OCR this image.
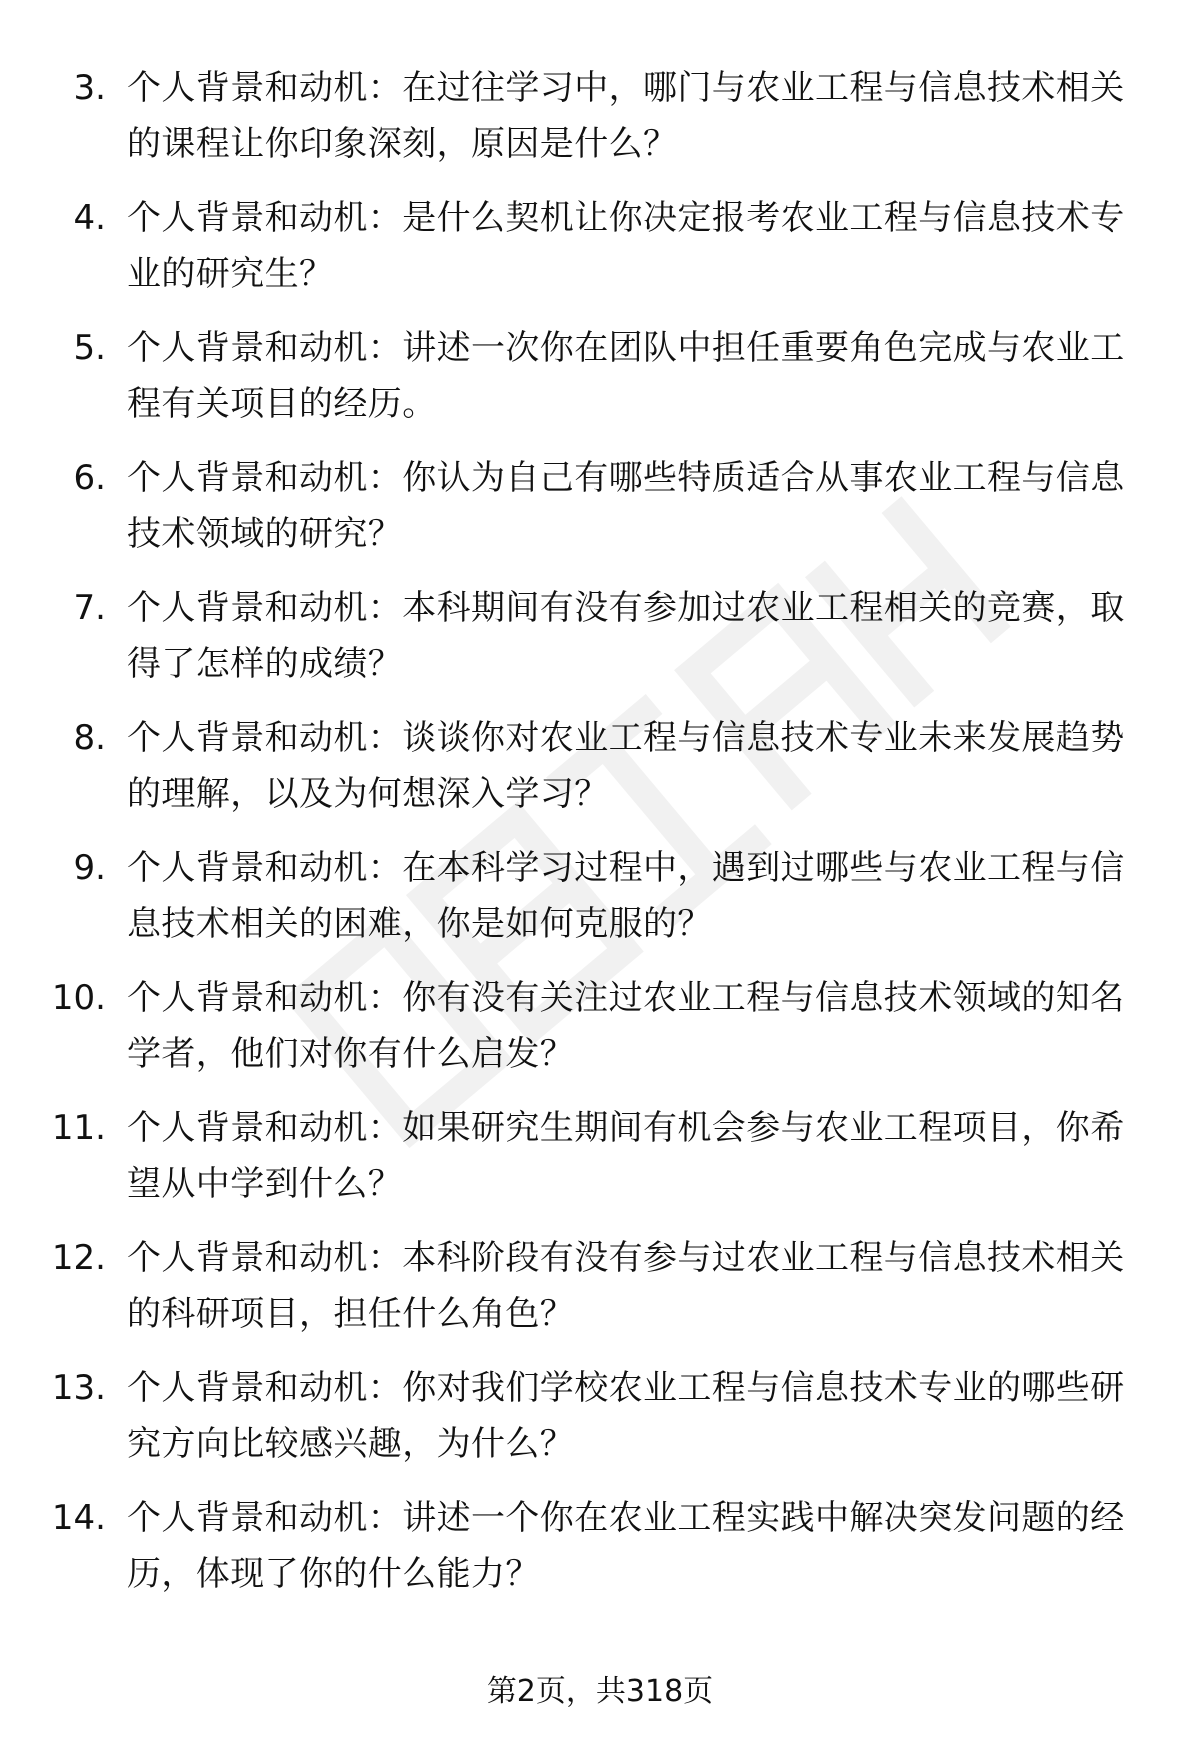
3. 个人背景和动机：在过往学习中，哪门与农业工程与信息技术相关的课程让你印象深刻，原因是什么？
4. 个人背景和动机：是什么契机让你决定报考农业工程与信息技术专业的研究生？
5. 个人背景和动机：讲述一次你在团队中担任重要角色完成与农业工程有关项目的经历。
6. 个人背景和动机：你认为自己有哪些特质适合从事农业工程与信息技术领域的研究？
7. 个人背景和动机：本科期间有没有参加过农业工程相关的竞赛，取得了怎样的成绩？
8. 个人背景和动机：谈谈你对农业工程与信息技术专业未来发展趋势的理解，以及为何想深入学习？
9. 个人背景和动机：在本科学习过程中，遇到过哪些与农业工程与信息技术相关的困难，你是如何克服的？
10. 个人背景和动机：你有没有关注过农业工程与信息技术领域的知名学者，他们对你有什么启发？
11. 个人背景和动机：如果研究生期间有机会参与农业工程项目，你希望从中学到什么？
12. 个人背景和动机：本科阶段有没有参与过农业工程与信息技术相关的科研项目，担任什么角色？
13. 个人背景和动机：你对我们学校农业工程与信息技术专业的哪些研究方向比较感兴趣，为什么？
14. 个人背景和动机：讲述一个你在农业工程实践中解决突发问题的经历，体现了你的什么能力？
第2页，共318页
